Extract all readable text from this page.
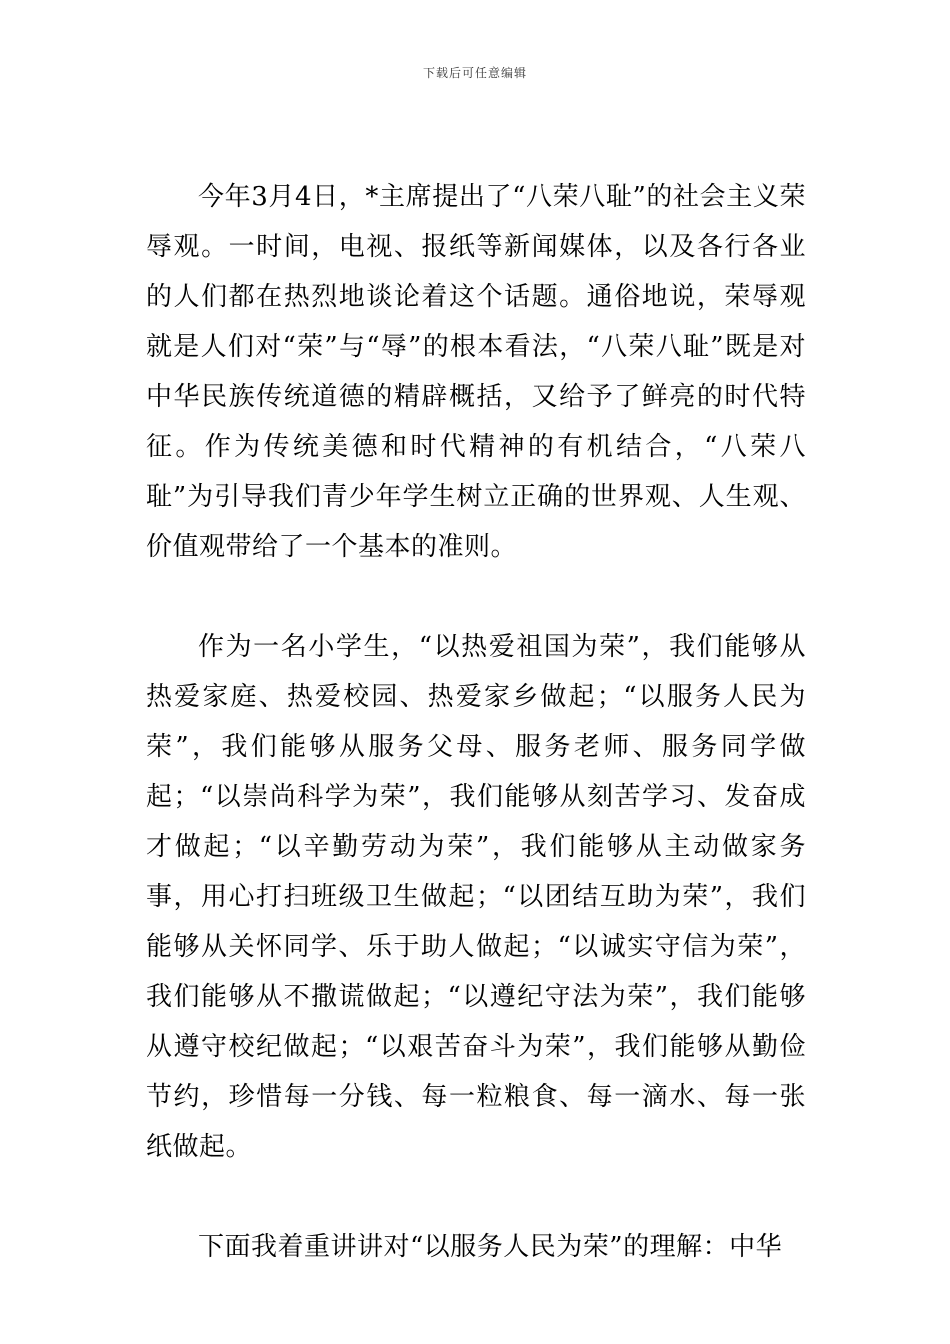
下载后可任意编辑

今年3月4日，*主席提出了“八荣八耻”的社会主义荣辱观。一时间，电视、报纸等新闻媒体，以及各行各业的人们都在热烈地谈论着这个话题。通俗地说，荣辱观就是人们对“荣”与“辱”的根本看法，“八荣八耻”既是对中华民族传统道德的精辟概括，又给予了鲜亮的时代特征。作为传统美德和时代精神的有机结合，“八荣八耻”为引导我们青少年学生树立正确的世界观、人生观、价值观带给了一个基本的准则。

作为一名小学生，“以热爱祖国为荣”，我们能够从热爱家庭、热爱校园、热爱家乡做起；“以服务人民为荣”，我们能够从服务父母、服务老师、服务同学做起；“以崇尚科学为荣”，我们能够从刻苦学习、发奋成才做起；“以辛勤劳动为荣”，我们能够从主动做家务事，用心打扫班级卫生做起；“以团结互助为荣”，我们能够从关怀同学、乐于助人做起；“以诚实守信为荣”，我们能够从不撒谎做起；“以遵纪守法为荣”，我们能够从遵守校纪做起；“以艰苦奋斗为荣”，我们能够从勤俭节约，珍惜每一分钱、每一粒粮食、每一滴水、每一张纸做起。

下面我着重讲讲对“以服务人民为荣”的理解：中华
